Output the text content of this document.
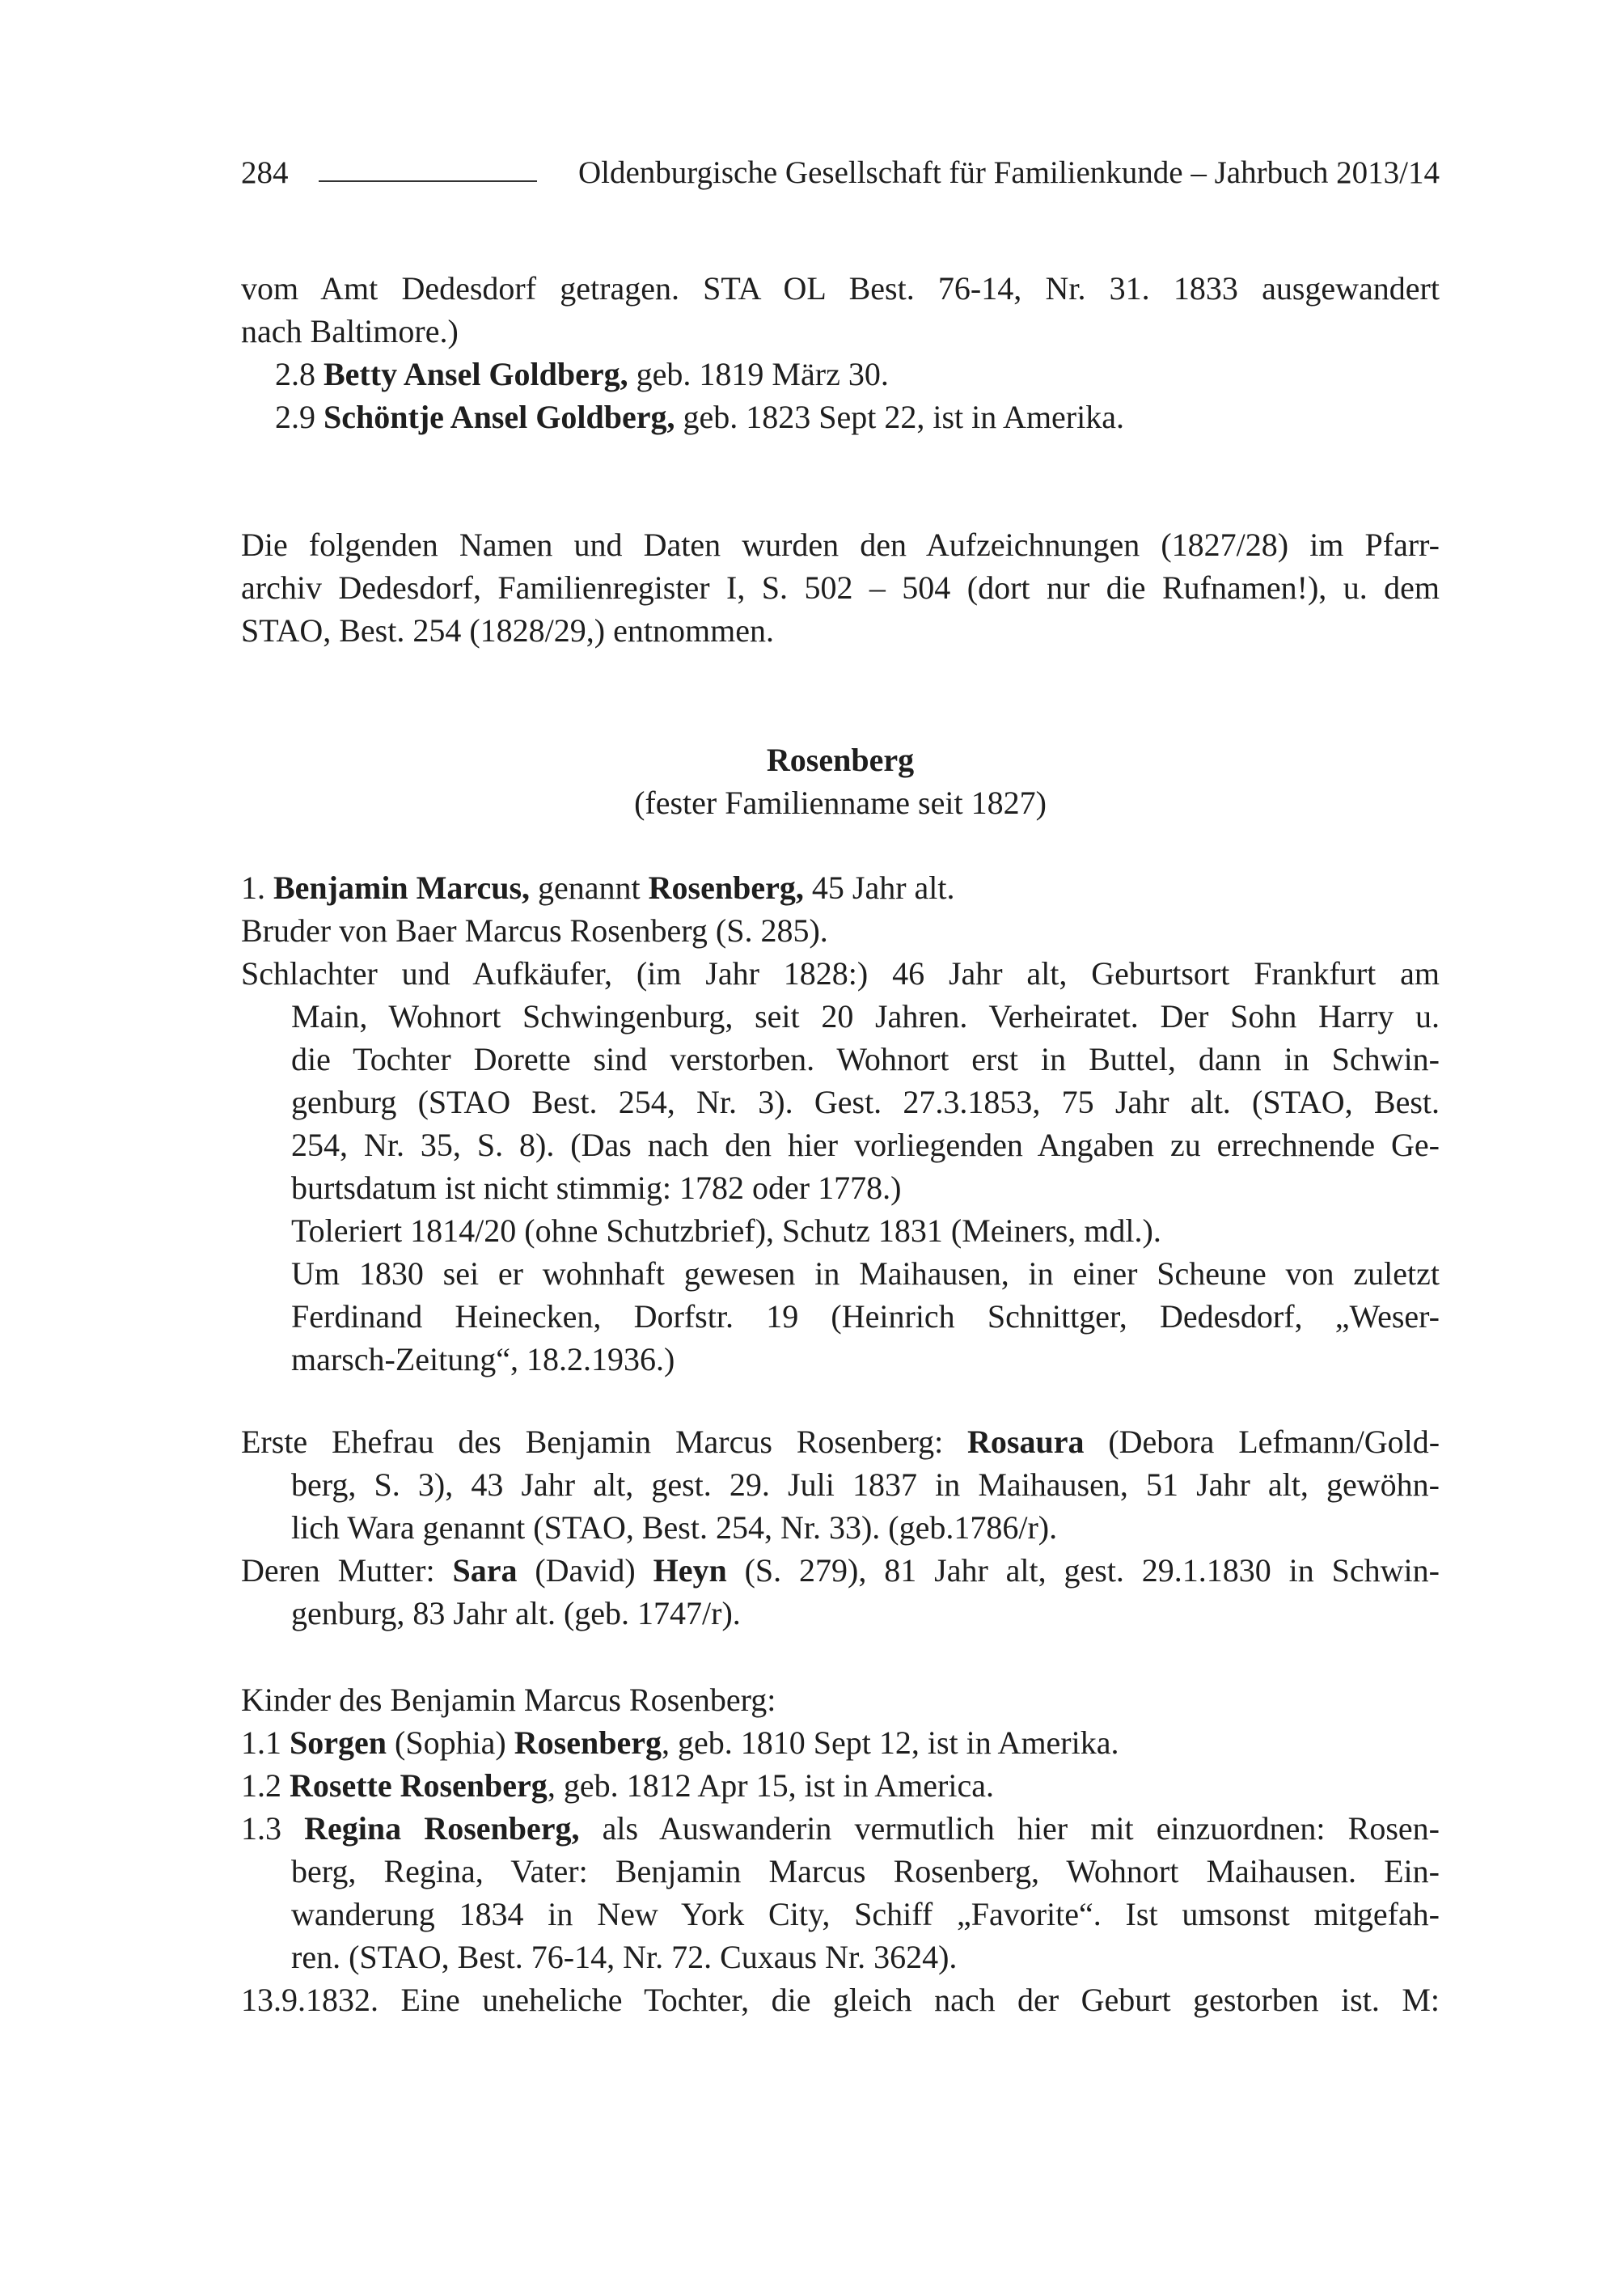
284	Oldenburgische Gesellschaft für Familienkunde – Jahrbuch 2013/14
vom Amt Dedesdorf getragen. STA OL Best. 76-14, Nr. 31. 1833 ausgewandert
nach Baltimore.)
2.8 Betty Ansel Goldberg, geb. 1819 März 30.
2.9 Schöntje Ansel Goldberg, geb. 1823 Sept 22, ist in Amerika.
Die folgenden Namen und Daten wurden den Aufzeichnungen (1827/28) im Pfarr-
archiv Dedesdorf, Familienregister I, S. 502 – 504 (dort nur die Rufnamen!), u. dem
STAO, Best. 254 (1828/29,) entnommen.
Rosenberg
(fester Familienname seit 1827)
1. Benjamin Marcus, genannt Rosenberg, 45 Jahr alt.
Bruder von Baer Marcus Rosenberg (S. 285).
Schlachter und Aufkäufer, (im Jahr 1828:) 46 Jahr alt, Geburtsort Frankfurt am
Main, Wohnort Schwingenburg, seit 20 Jahren. Verheiratet. Der Sohn Harry u.
die Tochter Dorette sind verstorben. Wohnort erst in Buttel, dann in Schwin-
genburg (STAO Best. 254, Nr. 3). Gest. 27.3.1853, 75 Jahr alt. (STAO, Best.
254, Nr. 35, S. 8). (Das nach den hier vorliegenden Angaben zu errechnende Ge-
burtsdatum ist nicht stimmig: 1782 oder 1778.)
Toleriert 1814/20 (ohne Schutzbrief), Schutz 1831 (Meiners, mdl.).
Um 1830 sei er wohnhaft gewesen in Maihausen, in einer Scheune von zuletzt
Ferdinand Heinecken, Dorfstr. 19 (Heinrich Schnittger, Dedesdorf, „Weser-
marsch-Zeitung“, 18.2.1936.)
Erste Ehefrau des Benjamin Marcus Rosenberg: Rosaura (Debora Lefmann/Gold-
berg, S. 3), 43 Jahr alt, gest. 29. Juli 1837 in Maihausen, 51 Jahr alt, gewöhn-
lich Wara genannt (STAO, Best. 254, Nr. 33). (geb.1786/r).
Deren Mutter: Sara (David) Heyn (S. 279), 81 Jahr alt, gest. 29.1.1830 in Schwin-
genburg, 83 Jahr alt. (geb. 1747/r).
Kinder des Benjamin Marcus Rosenberg:
1.1 Sorgen (Sophia) Rosenberg, geb. 1810 Sept 12, ist in Amerika.
1.2 Rosette Rosenberg, geb. 1812 Apr 15, ist in America.
1.3 Regina Rosenberg, als Auswanderin vermutlich hier mit einzuordnen: Rosen-
berg, Regina, Vater: Benjamin Marcus Rosenberg, Wohnort Maihausen. Ein-
wanderung 1834 in New York City, Schiff „Favorite“. Ist umsonst mitgefah-
ren. (STAO, Best. 76-14, Nr. 72. Cuxaus Nr. 3624).
13.9.1832. Eine uneheliche Tochter, die gleich nach der Geburt gestorben ist. M:
